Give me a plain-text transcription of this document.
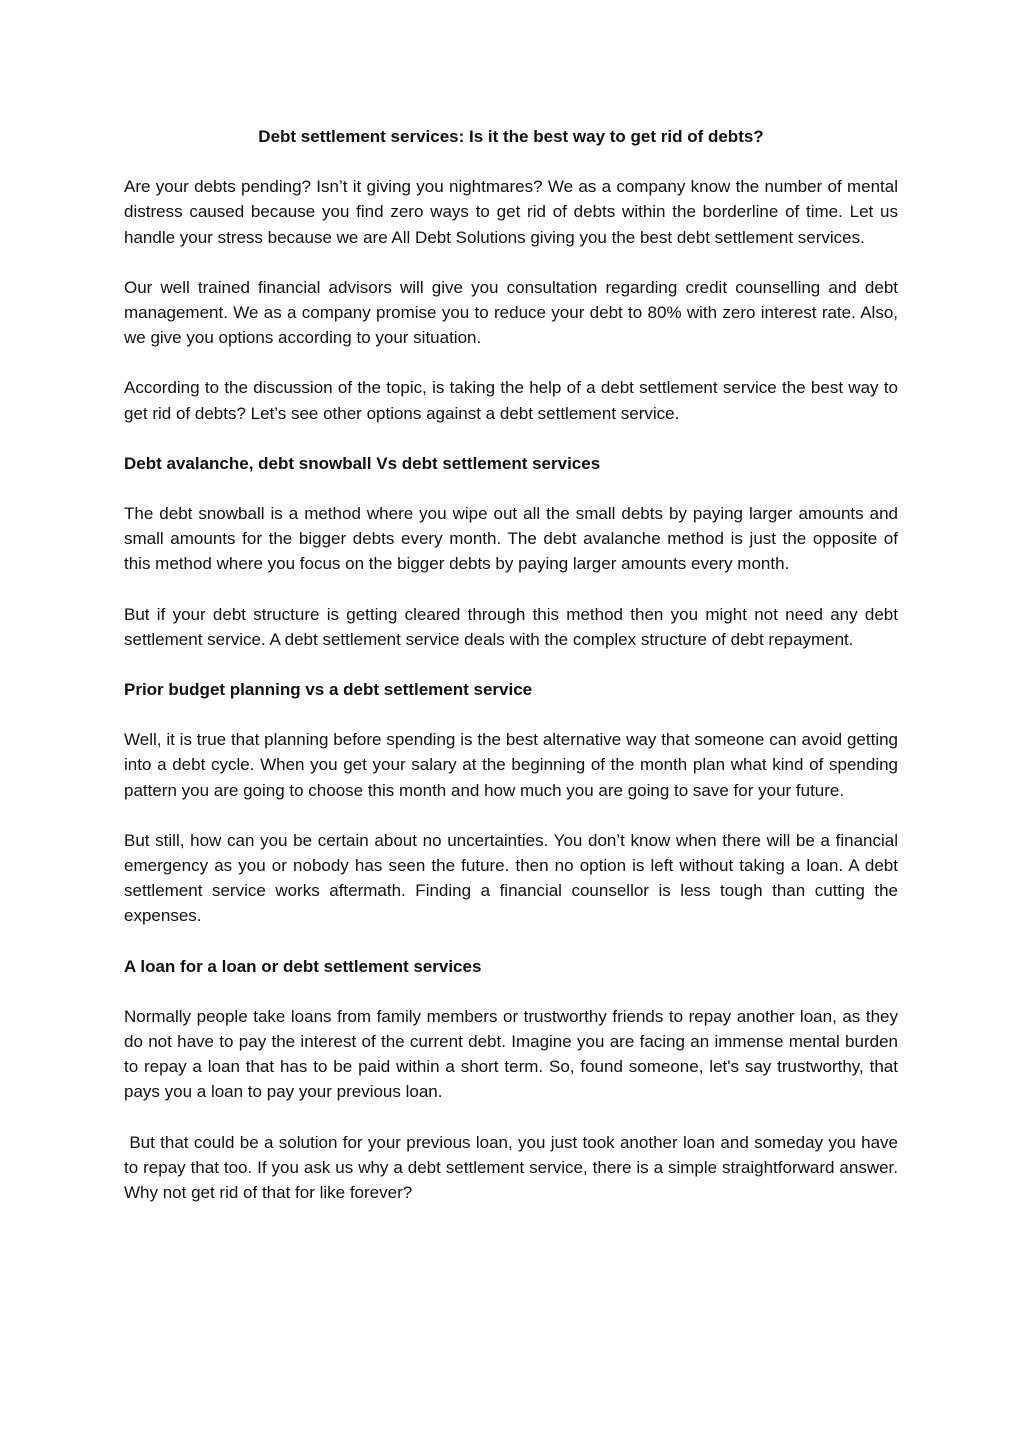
Debt settlement services: Is it the best way to get rid of debts?

Are your debts pending? Isn’t it giving you nightmares? We as a company know the number of mental distress caused because you find zero ways to get rid of debts within the borderline of time. Let us handle your stress because we are All Debt Solutions giving you the best debt settlement services.

Our well trained financial advisors will give you consultation regarding credit counselling and debt management. We as a company promise you to reduce your debt to 80% with zero interest rate. Also, we give you options according to your situation.

According to the discussion of the topic, is taking the help of a debt settlement service the best way to get rid of debts? Let’s see other options against a debt settlement service.

Debt avalanche, debt snowball Vs debt settlement services

The debt snowball is a method where you wipe out all the small debts by paying larger amounts and small amounts for the bigger debts every month. The debt avalanche method is just the opposite of this method where you focus on the bigger debts by paying larger amounts every month.

But if your debt structure is getting cleared through this method then you might not need any debt settlement service. A debt settlement service deals with the complex structure of debt repayment.

Prior budget planning vs a debt settlement service

Well, it is true that planning before spending is the best alternative way that someone can avoid getting into a debt cycle. When you get your salary at the beginning of the month plan what kind of spending pattern you are going to choose this month and how much you are going to save for your future.

But still, how can you be certain about no uncertainties. You don’t know when there will be a financial emergency as you or nobody has seen the future. then no option is left without taking a loan. A debt settlement service works aftermath. Finding a financial counsellor is less tough than cutting the expenses.

A loan for a loan or debt settlement services

Normally people take loans from family members or trustworthy friends to repay another loan, as they do not have to pay the interest of the current debt. Imagine you are facing an immense mental burden to repay a loan that has to be paid within a short term. So, found someone, let's say trustworthy, that pays you a loan to pay your previous loan.

But that could be a solution for your previous loan, you just took another loan and someday you have to repay that too. If you ask us why a debt settlement service, there is a simple straightforward answer. Why not get rid of that for like forever?
